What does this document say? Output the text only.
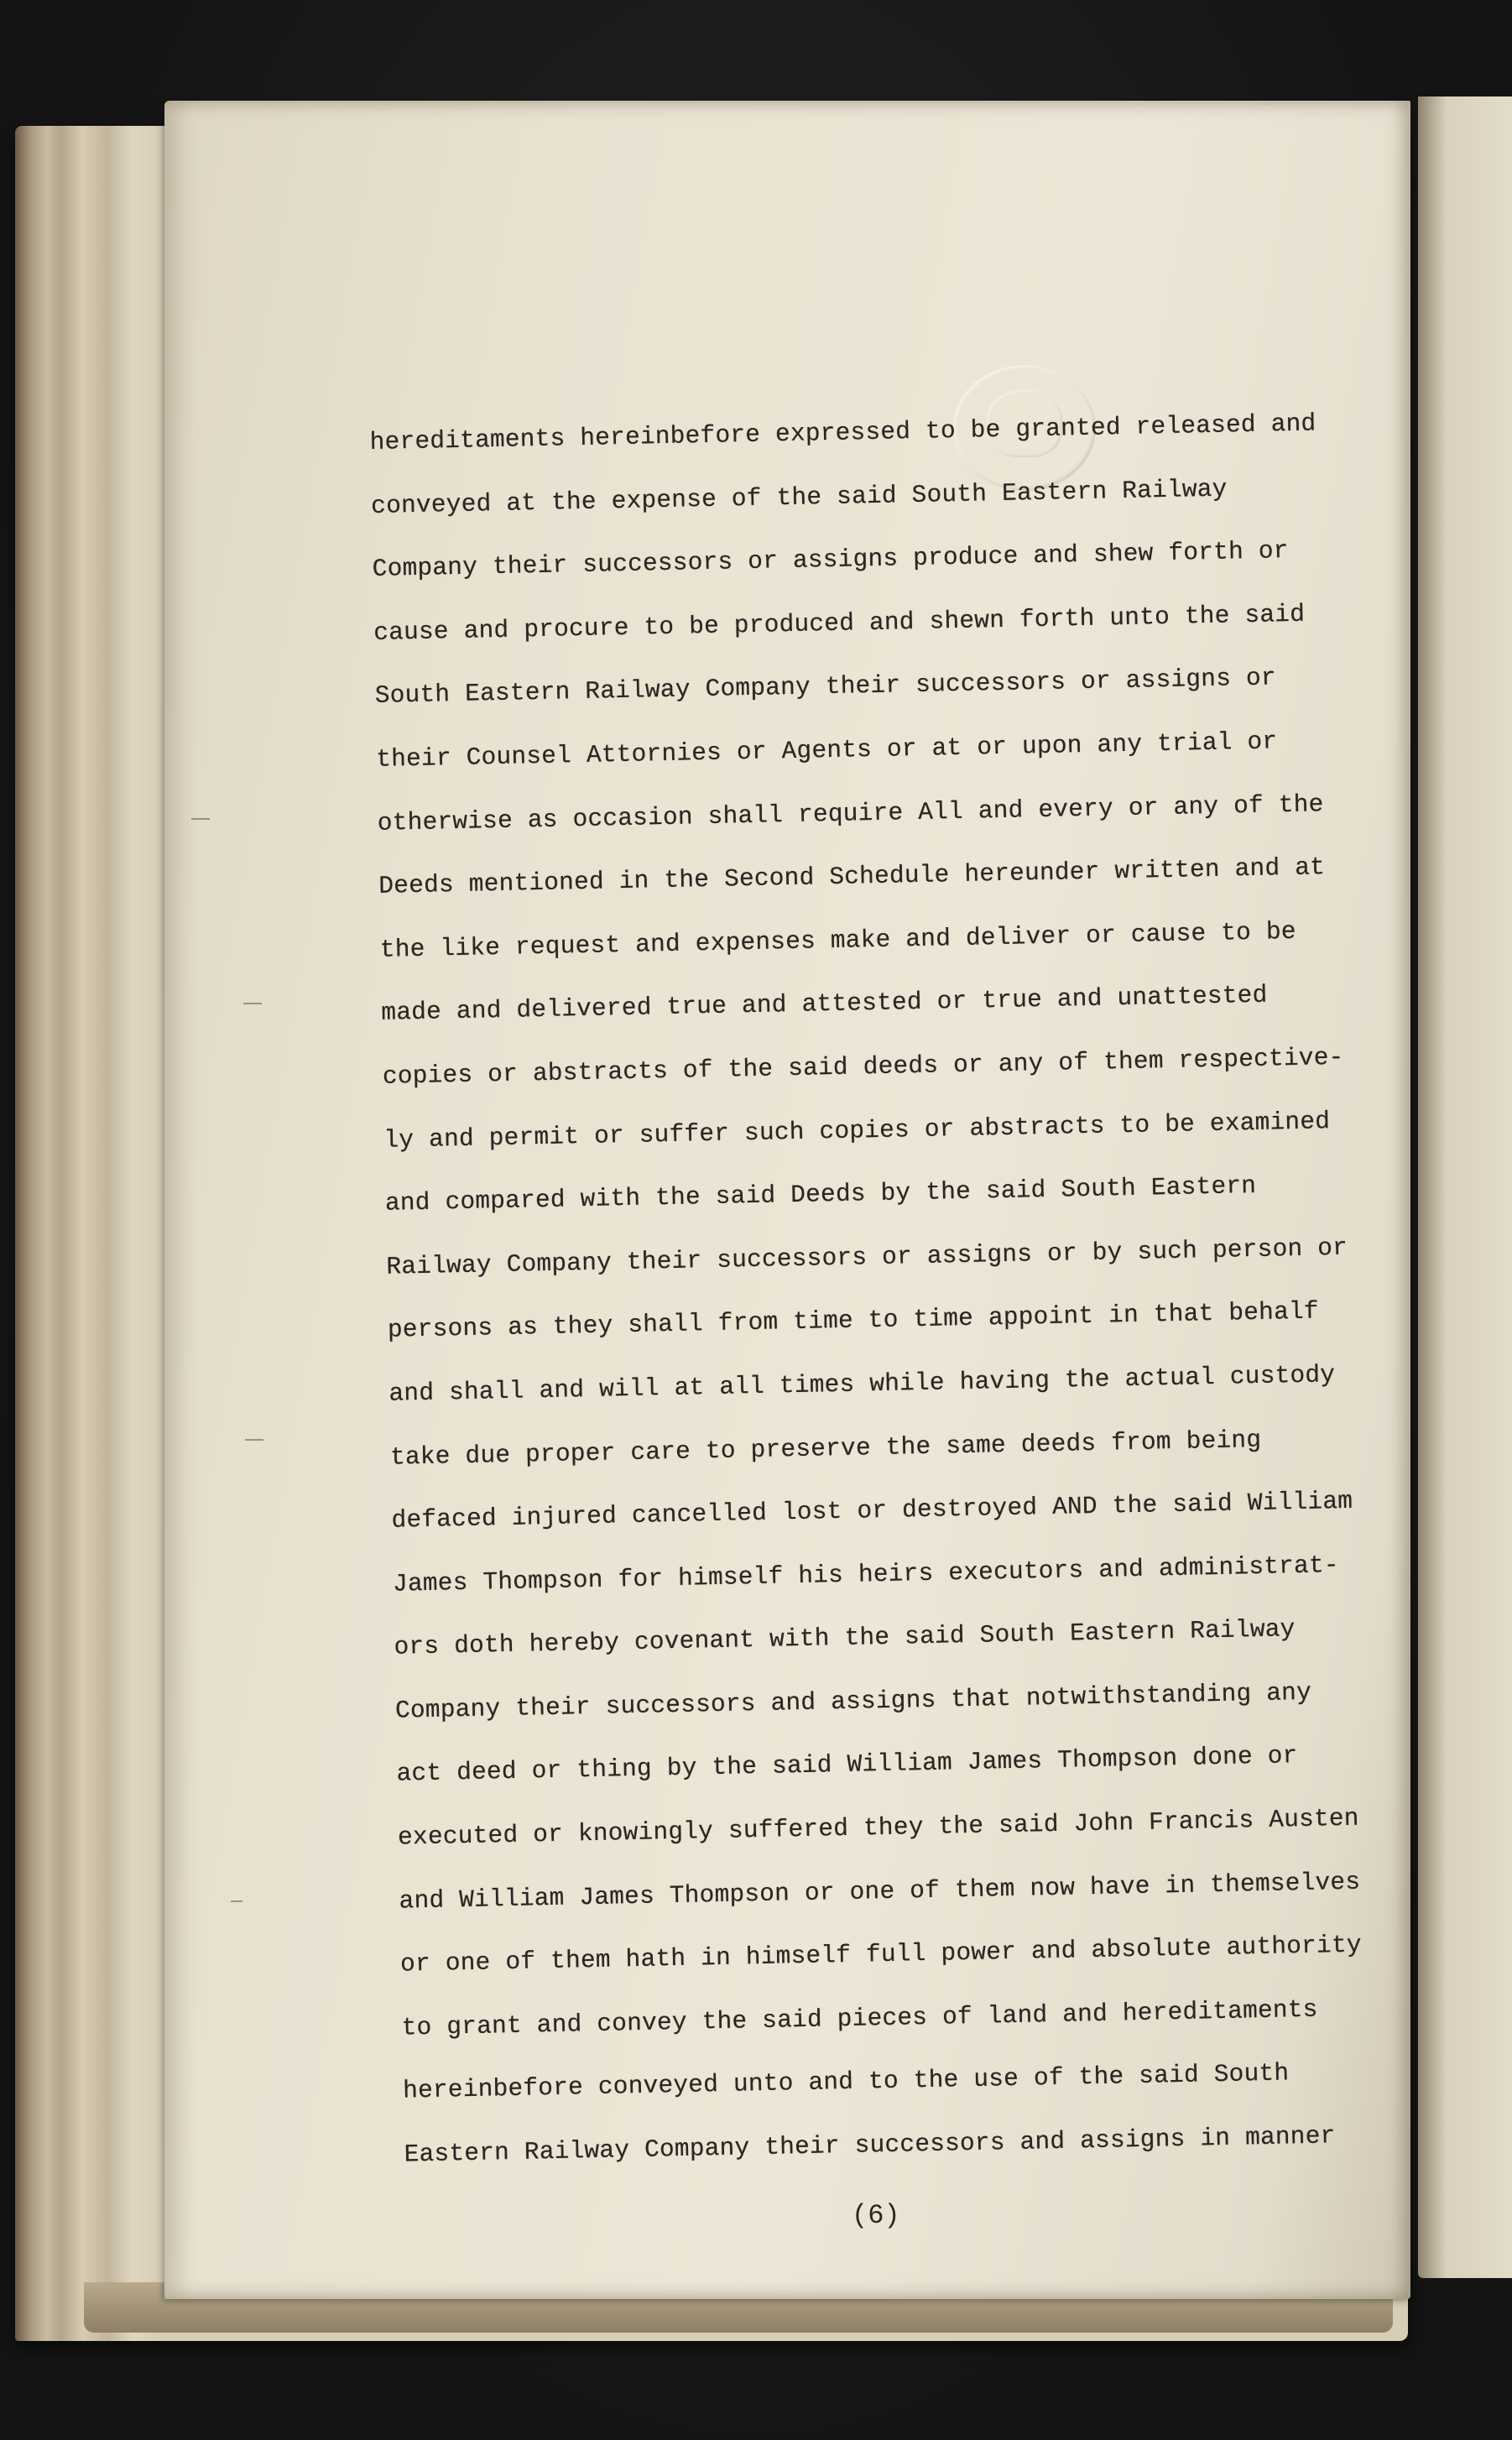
hereditaments hereinbefore expressed to be granted released and
conveyed at the expense of the said South Eastern Railway
Company their successors or assigns produce and shew forth or
cause and procure to be produced and shewn forth unto the said
South Eastern Railway Company their successors or assigns or
their Counsel Attornies or Agents or at or upon any trial or
otherwise as occasion shall require All and every or any of the
Deeds mentioned in the Second Schedule hereunder written and at
the like request and expenses make and deliver or cause to be
made and delivered true and attested or true and unattested
copies or abstracts of the said deeds or any of them respective-
ly and permit or suffer such copies or abstracts to be examined
and compared with the said Deeds by the said South Eastern
Railway Company their successors or assigns or by such person or
persons as they shall from time to time appoint in that behalf
and shall and will at all times while having the actual custody
take due proper care to preserve the same deeds from being
defaced injured cancelled lost or destroyed AND the said William
James Thompson for himself his heirs executors and administrat-
ors doth hereby covenant with the said South Eastern Railway
Company their successors and assigns that notwithstanding any
act deed or thing by the said William James Thompson done or
executed or knowingly suffered they the said John Francis Austen
and William James Thompson or one of them now have in themselves
or one of them hath in himself full power and absolute authority
to grant and convey the said pieces of land and hereditaments
hereinbefore conveyed unto and to the use of the said South
Eastern Railway Company their successors and assigns in manner
(6)
